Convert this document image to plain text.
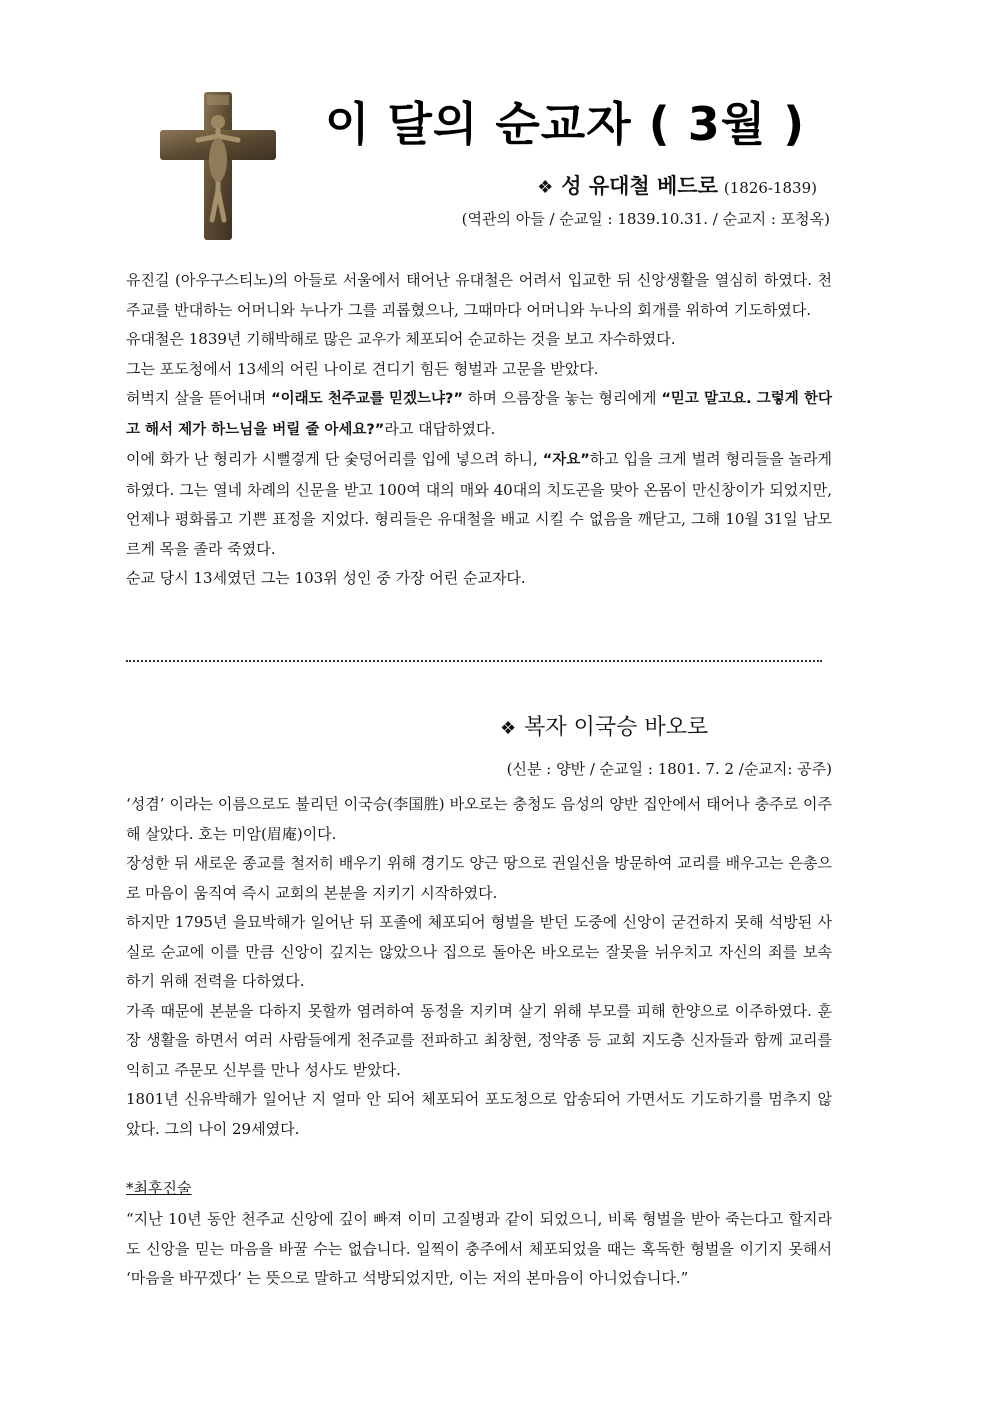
이 달의 순교자 ( 3월 )
❖ 성 유대철 베드로 (1826-1839)
(역관의 아들 / 순교일 : 1839.10.31. / 순교지 : 포청옥)

유진길 (아우구스티노)의 아들로 서울에서 태어난 유대철은 어려서 입교한 뒤 신앙생활을 열심히 하였다. 천주교를 반대하는 어머니와 누나가 그를 괴롭혔으나, 그때마다 어머니와 누나의 회개를 위하여 기도하였다.

유대철은 1839년 기해박해로 많은 교우가 체포되어 순교하는 것을 보고 자수하였다.

그는 포도청에서 13세의 어린 나이로 견디기 힘든 형벌과 고문을 받았다.

허벅지 살을 뜯어내며 “이래도 천주교를 믿겠느냐?” 하며 으름장을 놓는 형리에게 “믿고 말고요. 그렇게 한다고 해서 제가 하느님을 버릴 줄 아세요?”라고 대답하였다.

이에 화가 난 형리가 시뻘겋게 단 숯덩어리를 입에 넣으려 하니, “자요”하고 입을 크게 벌려 형리들을 놀라게 하였다. 그는 열네 차례의 신문을 받고 100여 대의 매와 40대의 치도곤을 맞아 온몸이 만신창이가 되었지만, 언제나 평화롭고 기쁜 표정을 지었다. 형리들은 유대철을 배교 시킬 수 없음을 깨닫고, 그해 10월 31일 남모르게 목을 졸라 죽였다.

순교 당시 13세였던 그는 103위 성인 중 가장 어린 순교자다.

❖ 복자 이국승 바오로
(신분 : 양반 / 순교일 : 1801. 7. 2 /순교지: 공주)

‘성겸’ 이라는 이름으로도 불리던 이국승(李国胜) 바오로는 충청도 음성의 양반 집안에서 태어나 충주로 이주해 살았다. 호는 미암(眉庵)이다.

장성한 뒤 새로운 종교를 철저히 배우기 위해 경기도 양근 땅으로 권일신을 방문하여 교리를 배우고는 은총으로 마음이 움직여 즉시 교회의 본분을 지키기 시작하였다.

하지만 1795년 을묘박해가 일어난 뒤 포졸에 체포되어 형벌을 받던 도중에 신앙이 굳건하지 못해 석방된 사실로 순교에 이를 만큼 신앙이 깊지는 않았으나 집으로 돌아온 바오로는 잘못을 뉘우치고 자신의 죄를 보속 하기 위해 전력을 다하였다.

가족 때문에 본분을 다하지 못할까 염려하여 동정을 지키며 살기 위해 부모를 피해 한양으로 이주하였다. 훈장 생활을 하면서 여러 사람들에게 천주교를 전파하고 최창현, 정약종 등 교회 지도층 신자들과 함께 교리를 익히고 주문모 신부를 만나 성사도 받았다.

1801년 신유박해가 일어난 지 얼마 안 되어 체포되어 포도청으로 압송되어 가면서도 기도하기를 멈추지 않았다. 그의 나이 29세였다.

*최후진술

“지난 10년 동안 천주교 신앙에 깊이 빠져 이미 고질병과 같이 되었으니, 비록 형벌을 받아 죽는다고 할지라도 신앙을 믿는 마음을 바꿀 수는 없습니다. 일찍이 충주에서 체포되었을 때는 혹독한 형벌을 이기지 못해서 ‘마음을 바꾸겠다’ 는 뜻으로 말하고 석방되었지만, 이는 저의 본마음이 아니었습니다.”
